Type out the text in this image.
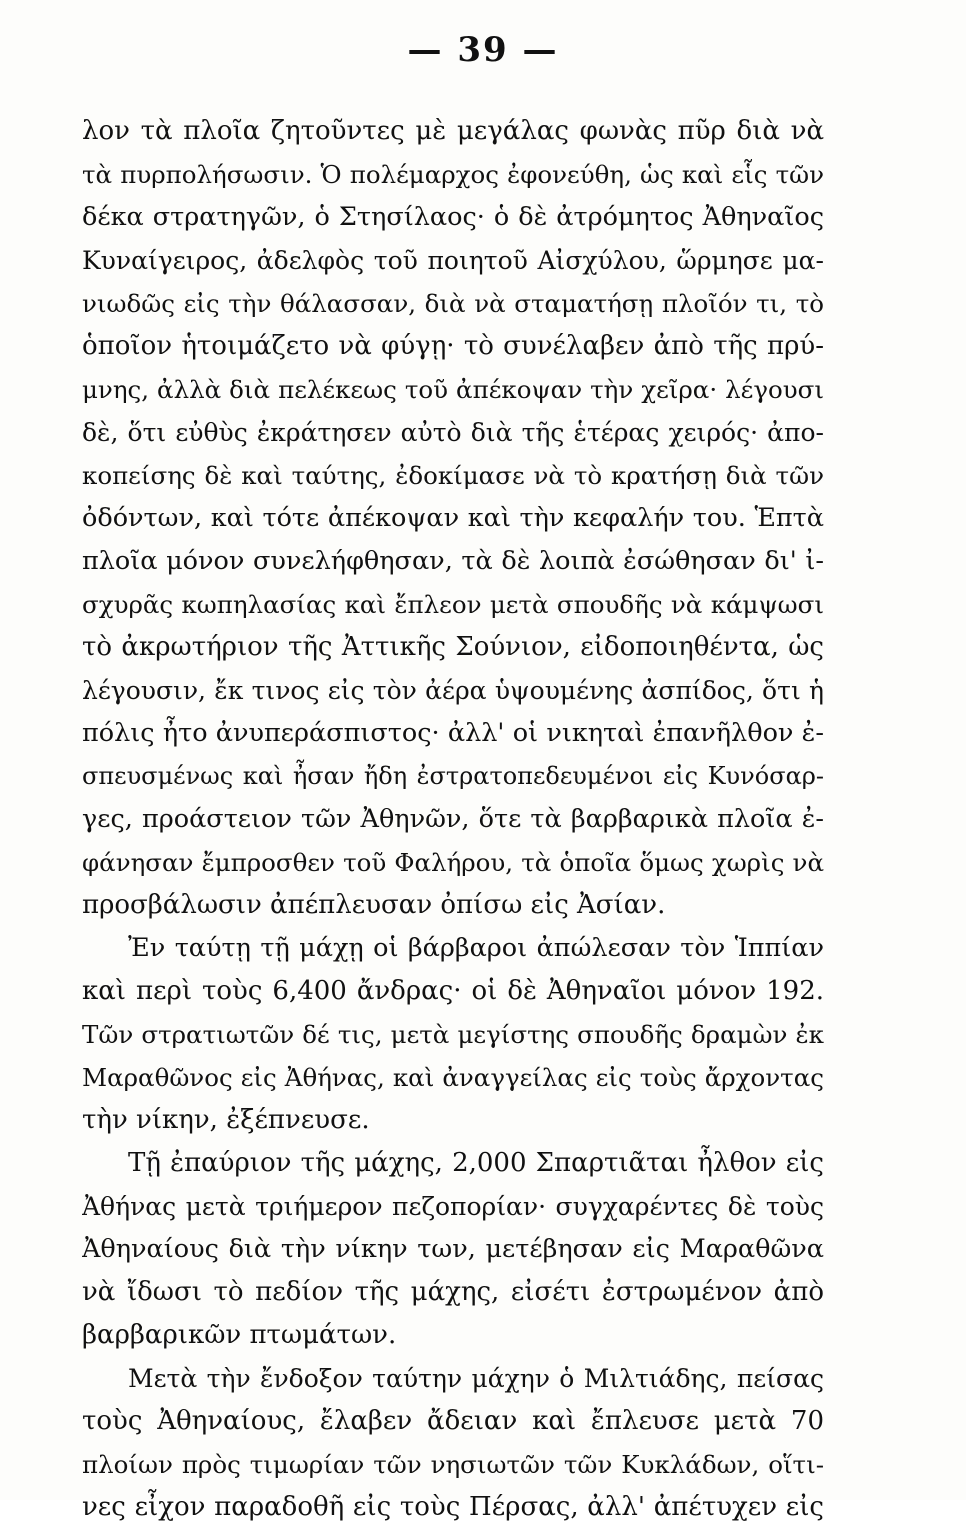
— 39 —
λον τὰ πλοῖα ζητοῦντες μὲ μεγάλας φωνὰς πῦρ διὰ νὰ
τὰ πυρπολήσωσιν. Ὁ πολέμαρχος ἐφονεύθη, ὡς καὶ εἷς τῶν
δέκα στρατηγῶν, ὁ Στησίλαος· ὁ δὲ ἀτρόμητος Ἀθηναῖος
Κυναίγειρος, ἀδελφὸς τοῦ ποιητοῦ Αἰσχύλου, ὥρμησε μα-
νιωδῶς εἰς τὴν θάλασσαν, διὰ νὰ σταματήσῃ πλοῖόν τι, τὸ
ὁποῖον ἡτοιμάζετο νὰ φύγῃ· τὸ συνέλαβεν ἀπὸ τῆς πρύ-
μνης, ἀλλὰ διὰ πελέκεως τοῦ ἀπέκοψαν τὴν χεῖρα· λέγουσι
δὲ, ὅτι εὐθὺς ἐκράτησεν αὐτὸ διὰ τῆς ἑτέρας χειρός· ἀπο-
κοπείσης δὲ καὶ ταύτης, ἐδοκίμασε νὰ τὸ κρατήσῃ διὰ τῶν
ὀδόντων, καὶ τότε ἀπέκοψαν καὶ τὴν κεφαλήν του. Ἑπτὰ
πλοῖα μόνον συνελήφθησαν, τὰ δὲ λοιπὰ ἐσώθησαν δι' ἰ-
σχυρᾶς κωπηλασίας καὶ ἔπλεον μετὰ σπουδῆς νὰ κάμψωσι
τὸ ἀκρωτήριον τῆς Ἀττικῆς Σούνιον, εἰδοποιηθέντα, ὡς
λέγουσιν, ἔκ τινος εἰς τὸν ἀέρα ὑψουμένης ἀσπίδος, ὅτι ἡ
πόλις ἦτο ἀνυπεράσπιστος· ἀλλ' οἱ νικηταὶ ἐπανῆλθον ἐ-
σπευσμένως καὶ ἦσαν ἤδη ἐστρατοπεδευμένοι εἰς Κυνόσαρ-
γες, προάστειον τῶν Ἀθηνῶν, ὅτε τὰ βαρβαρικὰ πλοῖα ἐ-
φάνησαν ἔμπροσθεν τοῦ Φαλήρου, τὰ ὁποῖα ὅμως χωρὶς νὰ
προσβάλωσιν ἀπέπλευσαν ὀπίσω εἰς Ἀσίαν.
Ἐν ταύτῃ τῇ μάχῃ οἱ βάρβαροι ἀπώλεσαν τὸν Ἱππίαν
καὶ περὶ τοὺς 6,400 ἄνδρας· οἱ δὲ Ἀθηναῖοι μόνον 192.
Τῶν στρατιωτῶν δέ τις, μετὰ μεγίστης σπουδῆς δραμὼν ἐκ
Μαραθῶνος εἰς Ἀθήνας, καὶ ἀναγγείλας εἰς τοὺς ἄρχοντας
τὴν νίκην, ἐξέπνευσε.
Τῇ ἐπαύριον τῆς μάχης, 2,000 Σπαρτιᾶται ἦλθον εἰς
Ἀθήνας μετὰ τριήμερον πεζοπορίαν· συγχαρέντες δὲ τοὺς
Ἀθηναίους διὰ τὴν νίκην των, μετέβησαν εἰς Μαραθῶνα
νὰ ἴδωσι τὸ πεδίον τῆς μάχης, εἰσέτι ἐστρωμένον ἀπὸ
βαρβαρικῶν πτωμάτων.
Μετὰ τὴν ἔνδοξον ταύτην μάχην ὁ Μιλτιάδης, πείσας
τοὺς Ἀθηναίους, ἔλαβεν ἄδειαν καὶ ἔπλευσε μετὰ 70
πλοίων πρὸς τιμωρίαν τῶν νησιωτῶν τῶν Κυκλάδων, οἵτι-
νες εἶχον παραδοθῆ εἰς τοὺς Πέρσας, ἀλλ' ἀπέτυχεν εἰς
